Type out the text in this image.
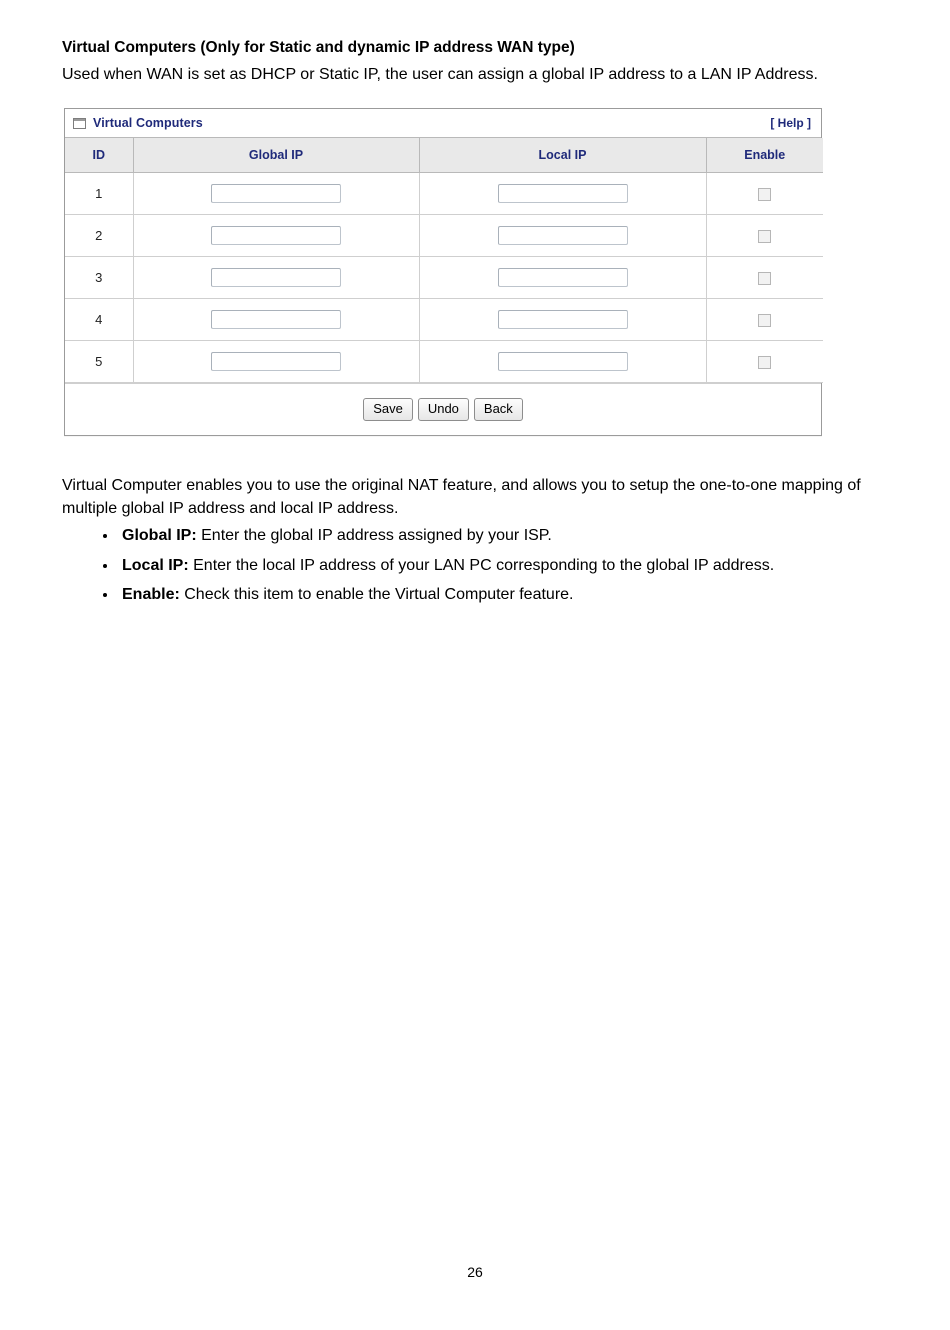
Virtual Computers (Only for Static and dynamic IP address WAN type)
Used when WAN is set as DHCP or Static IP, the user can assign a global IP address to a LAN IP Address.
Virtual Computers	[ Help ]
ID	Global IP	Local IP	Enable
1			
2			
3			
4			
5			
Save	Undo	Back
Virtual Computer enables you to use the original NAT feature, and allows you to setup the one-to-one mapping of multiple global IP address and local IP address.
• Global IP: Enter the global IP address assigned by your ISP.
• Local IP: Enter the local IP address of your LAN PC corresponding to the global IP address.
• Enable: Check this item to enable the Virtual Computer feature.
26
